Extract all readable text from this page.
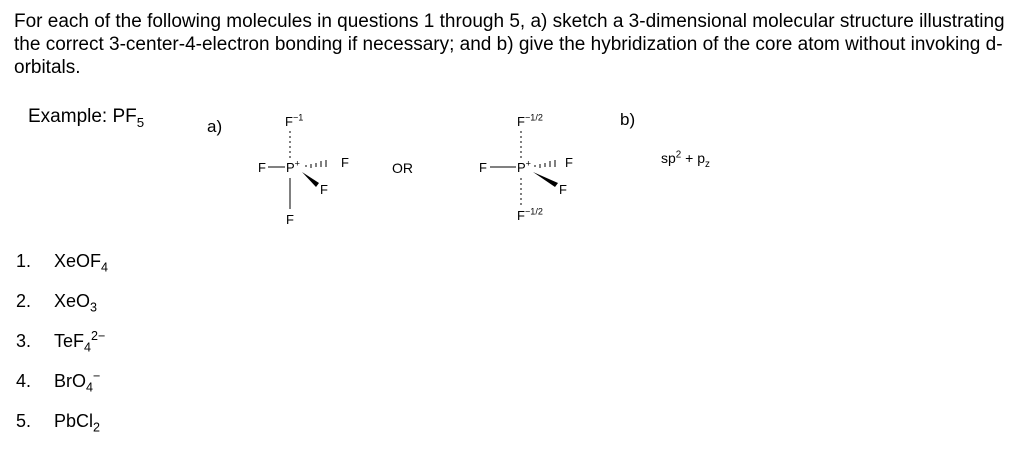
For each of the following molecules in questions 1 through 5, a) sketch a 3-dimensional molecular structure illustrating the correct 3-center-4-electron bonding if necessary; and b) give the hybridization of the core atom without invoking d-orbitals.

Example: $PF_5$	a)	b)
$F^{-1}$
F P+	F
F
F
OR
$F^{-1/2}$
F P+	F
F
$F^{-1/2}$
$sp^2 + p_z$
1. XeOF$_4$
2. XeO$_3$
3. TeF$_4^{2-}$
4. BrO$_4$−
5. PbCl$_2$
